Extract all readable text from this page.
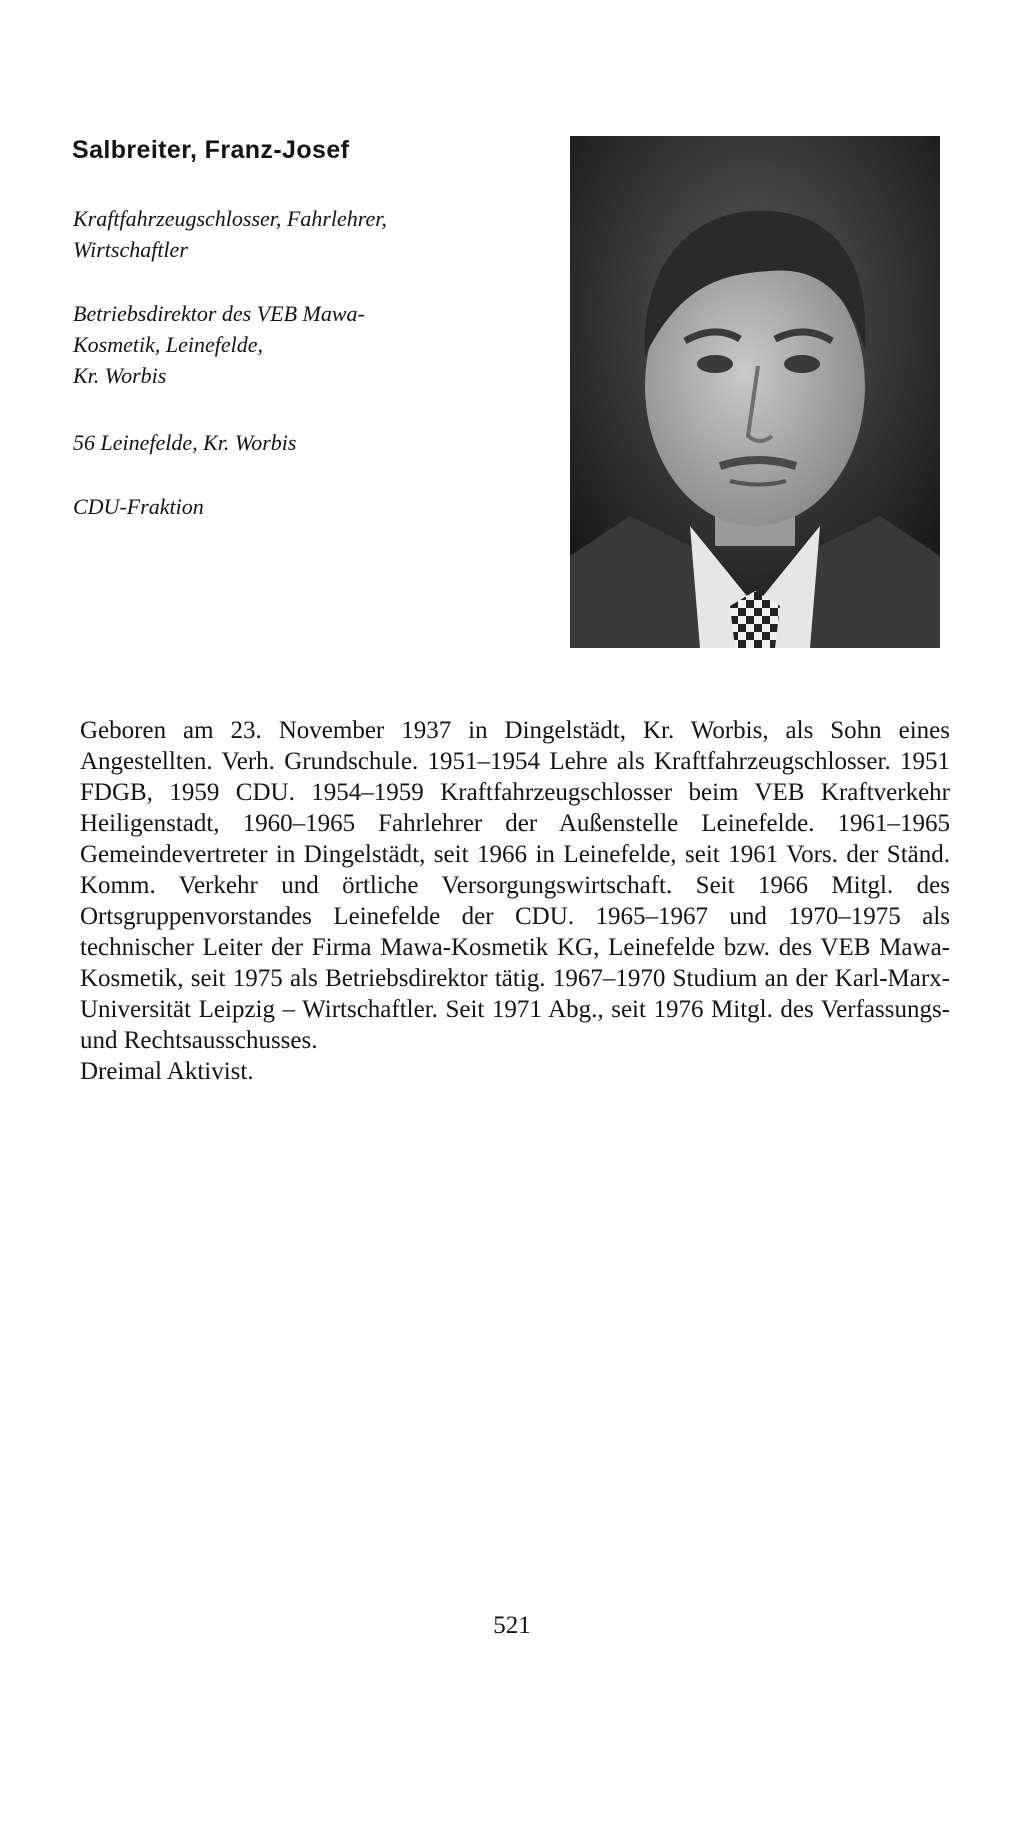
Salbreiter, Franz-Josef
Kraftfahrzeugschlosser, Fahrlehrer,
Wirtschaftler
Betriebsdirektor des VEB Mawa-
Kosmetik, Leinefelde,
Kr. Worbis
56 Leinefelde, Kr. Worbis
CDU-Fraktion
Geboren am 23. November 1937 in Dingelstädt, Kr. Worbis, als Sohn eines Angestellten. Verh. Grundschule. 1951–1954 Lehre als Kraftfahrzeugschlosser. 1951 FDGB, 1959 CDU. 1954–1959 Kraftfahrzeugschlosser beim VEB Kraftverkehr Heiligenstadt, 1960–1965 Fahrlehrer der Außenstelle Leinefelde. 1961–1965 Gemeindevertreter in Dingelstädt, seit 1966 in Leinefelde, seit 1961 Vors. der Ständ. Komm. Verkehr und örtliche Versorgungswirtschaft. Seit 1966 Mitgl. des Ortsgruppenvorstandes Leinefelde der CDU. 1965–1967 und 1970–1975 als technischer Leiter der Firma Mawa-Kosmetik KG, Leinefelde bzw. des VEB Mawa-Kosmetik, seit 1975 als Betriebsdirektor tätig. 1967–1970 Studium an der Karl-Marx-Universität Leipzig – Wirtschaftler. Seit 1971 Abg., seit 1976 Mitgl. des Verfassungs- und Rechtsausschusses.
Dreimal Aktivist.
521
